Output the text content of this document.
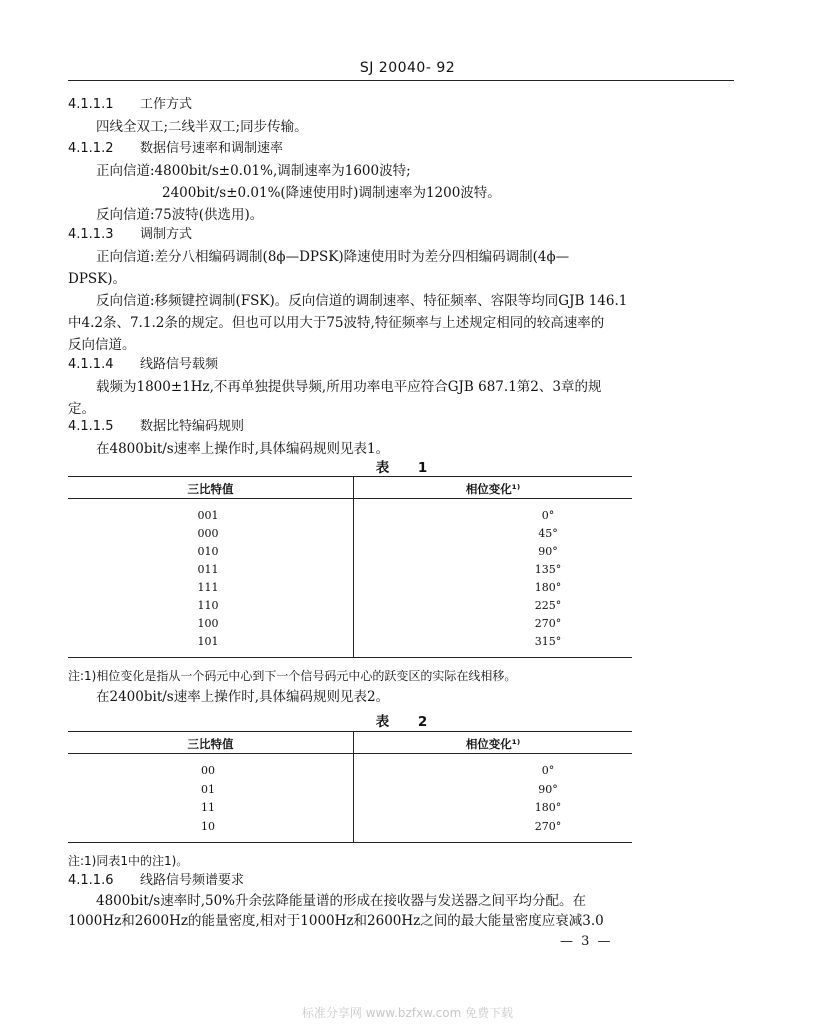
SJ 20040- 92
4.1.1.1 工作方式
四线全双工;二线半双工;同步传输。
4.1.1.2 数据信号速率和调制速率
正向信道:4800bit/s±0.01%,调制速率为1600波特;
2400bit/s±0.01%(降速使用时)调制速率为1200波特。
反向信道:75波特(供选用)。
4.1.1.3 调制方式
正向信道:差分八相编码调制(8ϕ—DPSK)降速使用时为差分四相编码调制(4ϕ—
DPSK)。
反向信道:移频键控调制(FSK)。反向信道的调制速率、特征频率、容限等均同GJB 146.1
中4.2条、7.1.2条的规定。但也可以用大于75波特,特征频率与上述规定相同的较高速率的
反向信道。
4.1.1.4 线路信号载频
载频为1800±1Hz,不再单独提供导频,所用功率电平应符合GJB 687.1第2、3章的规
定。
4.1.1.5 数据比特编码规则
在4800bit/s速率上操作时,具体编码规则见表1。
表 1
三比特值	相位变化¹⁾
001	0°
000	45°
010	90°
011	135°
111	180°
110	225°
100	270°
101	315°
注:1)相位变化是指从一个码元中心到下一个信号码元中心的跃变区的实际在线相移。
在2400bit/s速率上操作时,具体编码规则见表2。
表 2
三比特值	相位变化¹⁾
00	0°
01	90°
11	180°
10	270°
注:1)同表1中的注1)。
4.1.1.6 线路信号频谱要求
4800bit/s速率时,50%升余弦降能量谱的形成在接收器与发送器之间平均分配。在
1000Hz和2600Hz的能量密度,相对于1000Hz和2600Hz之间的最大能量密度应衰减3.0
— 3 —
标准分享网 www.bzfxw.com 免费下载
